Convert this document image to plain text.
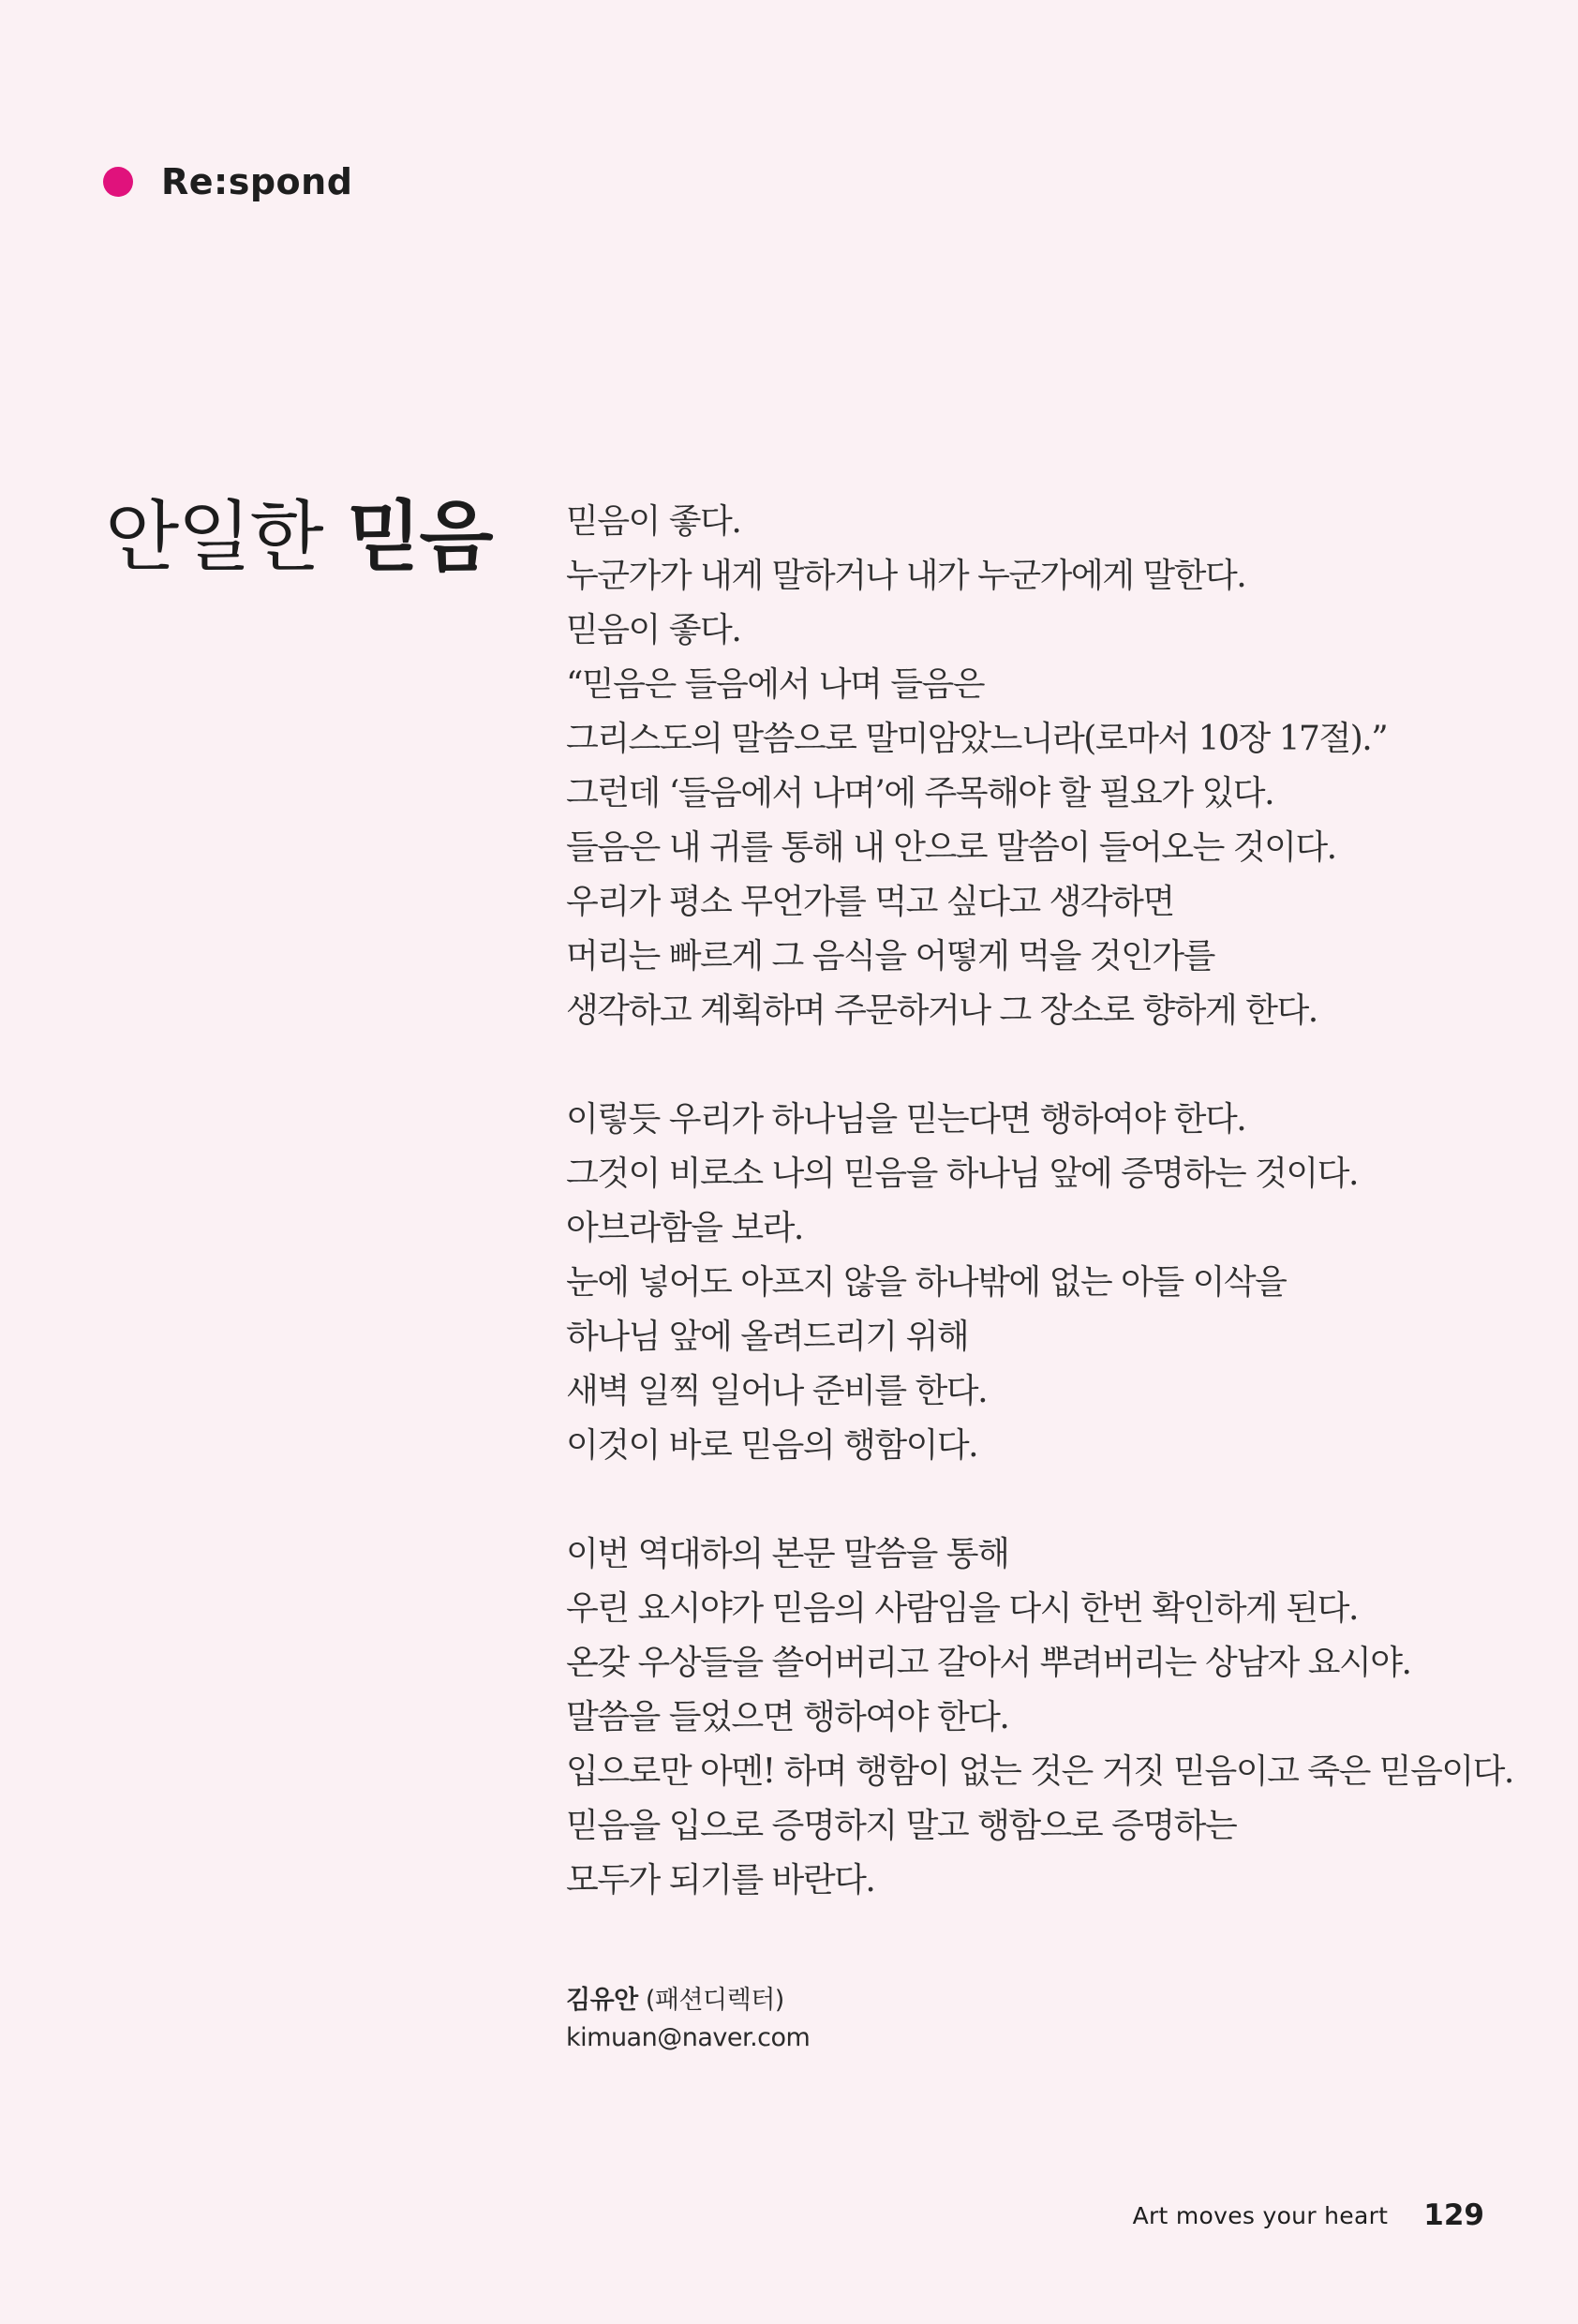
Re:spond
안일한 믿음 믿음이 좋다.
누군가가 내게 말하거나 내가 누군가에게 말한다.
믿음이 좋다.
“믿음은 들음에서 나며 들음은
그리스도의 말씀으로 말미암았느니라(로마서 10장 17절).”
그런데 ‘들음에서 나며’에 주목해야 할 필요가 있다.
들음은 내 귀를 통해 내 안으로 말씀이 들어오는 것이다.
우리가 평소 무언가를 먹고 싶다고 생각하면
머리는 빠르게 그 음식을 어떻게 먹을 것인가를
생각하고 계획하며 주문하거나 그 장소로 향하게 한다.
이렇듯 우리가 하나님을 믿는다면 행하여야 한다.
그것이 비로소 나의 믿음을 하나님 앞에 증명하는 것이다.
아브라함을 보라.
눈에 넣어도 아프지 않을 하나밖에 없는 아들 이삭을
하나님 앞에 올려드리기 위해
새벽 일찍 일어나 준비를 한다.
이것이 바로 믿음의 행함이다.
이번 역대하의 본문 말씀을 통해
우린 요시야가 믿음의 사람임을 다시 한번 확인하게 된다.
온갖 우상들을 쓸어버리고 갈아서 뿌려버리는 상남자 요시야.
말씀을 들었으면 행하여야 한다.
입으로만 아멘! 하며 행함이 없는 것은 거짓 믿음이고 죽은 믿음이다.
믿음을 입으로 증명하지 말고 행함으로 증명하는
모두가 되기를 바란다.
김유안 (패션디렉터)
kimuan@naver.com
Art moves your heart 129
